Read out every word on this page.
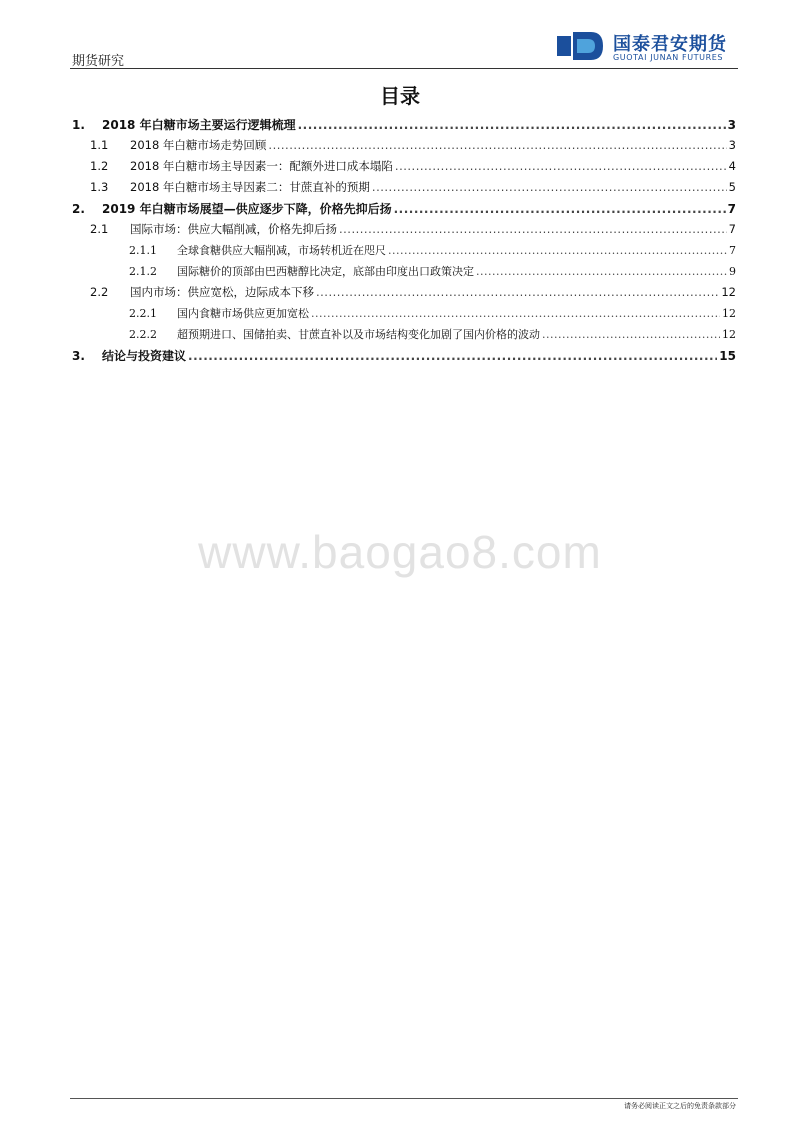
期货研究
国泰君安期货
GUOTAI JUNAN FUTURES
目录
1.	2018 年白糖市场主要运行逻辑梳理 .....	3
1.1	2018 年白糖市场走势回顾 .....	3
1.2	2018 年白糖市场主导因素一：配额外进口成本塌陷 .....	4
1.3	2018 年白糖市场主导因素二：甘蔗直补的预期 .....	5
2.	2019 年白糖市场展望—供应逐步下降，价格先抑后扬 .....	7
2.1	国际市场：供应大幅削减，价格先抑后扬 .....	7
2.1.1	全球食糖供应大幅削减，市场转机近在咫尺 .....	7
2.1.2	国际糖价的顶部由巴西糖醇比决定，底部由印度出口政策决定 .....	9
2.2	国内市场：供应宽松，边际成本下移 .....	12
2.2.1	国内食糖市场供应更加宽松 .....	12
2.2.2	超预期进口、国储拍卖、甘蔗直补以及市场结构变化加剧了国内价格的波动 .....	12
3.	结论与投资建议 .....	15
www.baogao8.com
请务必阅读正文之后的免责条款部分
